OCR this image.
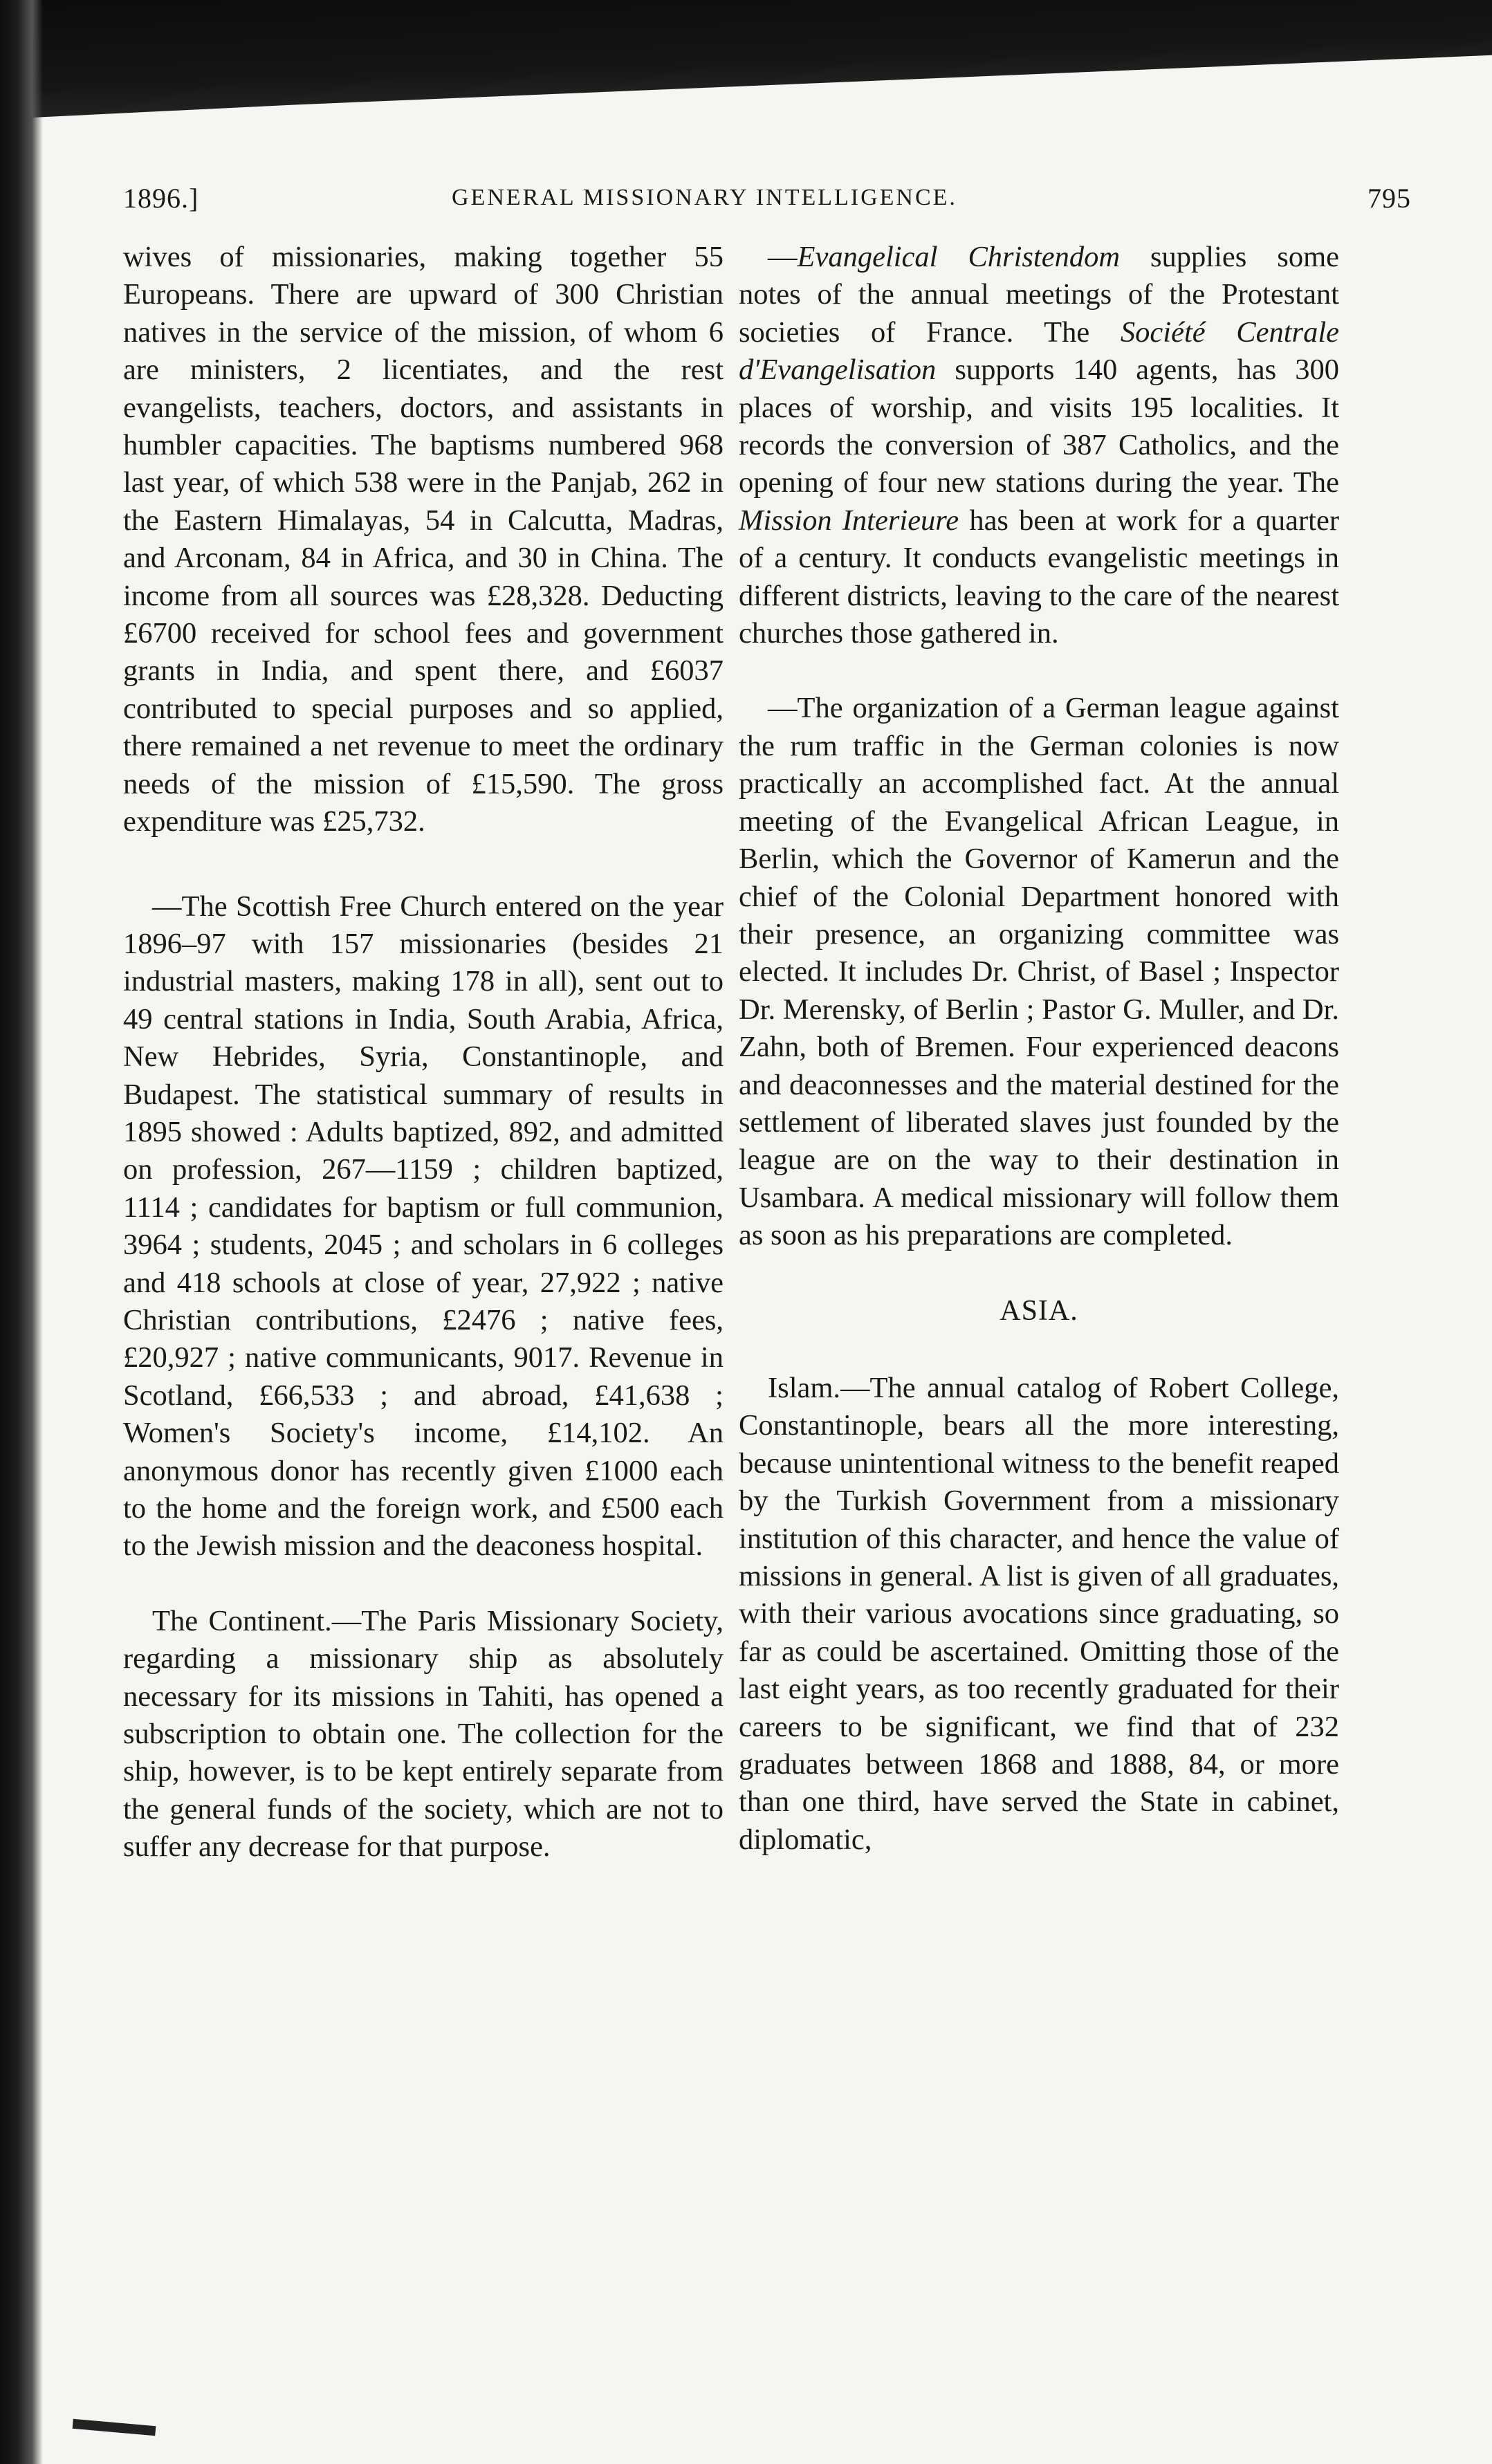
1896.]	GENERAL MISSIONARY INTELLIGENCE.	795

wives of missionaries, making together 55 Europeans. There are upward of 300 Christian natives in the service of the mission, of whom 6 are ministers, 2 licentiates, and the rest evangelists, teachers, doctors, and assistants in humbler capacities. The baptisms numbered 968 last year, of which 538 were in the Panjab, 262 in the Eastern Himalayas, 54 in Calcutta, Madras, and Arconam, 84 in Africa, and 30 in China. The income from all sources was £28,328. Deducting £6700 received for school fees and government grants in India, and spent there, and £6037 contributed to special purposes and so applied, there remained a net revenue to meet the ordinary needs of the mission of £15,590. The gross expenditure was £25,732.

—The Scottish Free Church entered on the year 1896–97 with 157 missionaries (besides 21 industrial masters, making 178 in all), sent out to 49 central stations in India, South Arabia, Africa, New Hebrides, Syria, Constantinople, and Budapest. The statistical summary of results in 1895 showed : Adults baptized, 892, and admitted on profession, 267—1159 ; children baptized, 1114 ; candidates for baptism or full communion, 3964 ; students, 2045 ; and scholars in 6 colleges and 418 schools at close of year, 27,922 ; native Christian contributions, £2476 ; native fees, £20,927 ; native communicants, 9017. Revenue in Scotland, £66,533 ; and abroad, £41,638 ; Women's Society's income, £14,102. An anonymous donor has recently given £1000 each to the home and the foreign work, and £500 each to the Jewish mission and the deaconess hospital.

The Continent.—The Paris Missionary Society, regarding a missionary ship as absolutely necessary for its missions in Tahiti, has opened a subscription to obtain one. The collection for the ship, however, is to be kept entirely separate from the general funds of the society, which are not to suffer any decrease for that purpose.

—Evangelical Christendom supplies some notes of the annual meetings of the Protestant societies of France. The Société Centrale d'Evangelisation supports 140 agents, has 300 places of worship, and visits 195 localities. It records the conversion of 387 Catholics, and the opening of four new stations during the year. The Mission Interieure has been at work for a quarter of a century. It conducts evangelistic meetings in different districts, leaving to the care of the nearest churches those gathered in.

—The organization of a German league against the rum traffic in the German colonies is now practically an accomplished fact. At the annual meeting of the Evangelical African League, in Berlin, which the Governor of Kamerun and the chief of the Colonial Department honored with their presence, an organizing committee was elected. It includes Dr. Christ, of Basel ; Inspector Dr. Merensky, of Berlin ; Pastor G. Muller, and Dr. Zahn, both of Bremen. Four experienced deacons and deaconnesses and the material destined for the settlement of liberated slaves just founded by the league are on the way to their destination in Usambara. A medical missionary will follow them as soon as his preparations are completed.

ASIA.

Islam.—The annual catalog of Robert College, Constantinople, bears all the more interesting, because unintentional witness to the benefit reaped by the Turkish Government from a missionary institution of this character, and hence the value of missions in general. A list is given of all graduates, with their various avocations since graduating, so far as could be ascertained. Omitting those of the last eight years, as too recently graduated for their careers to be significant, we find that of 232 graduates between 1868 and 1888, 84, or more than one third, have served the State in cabinet, diplomatic,
